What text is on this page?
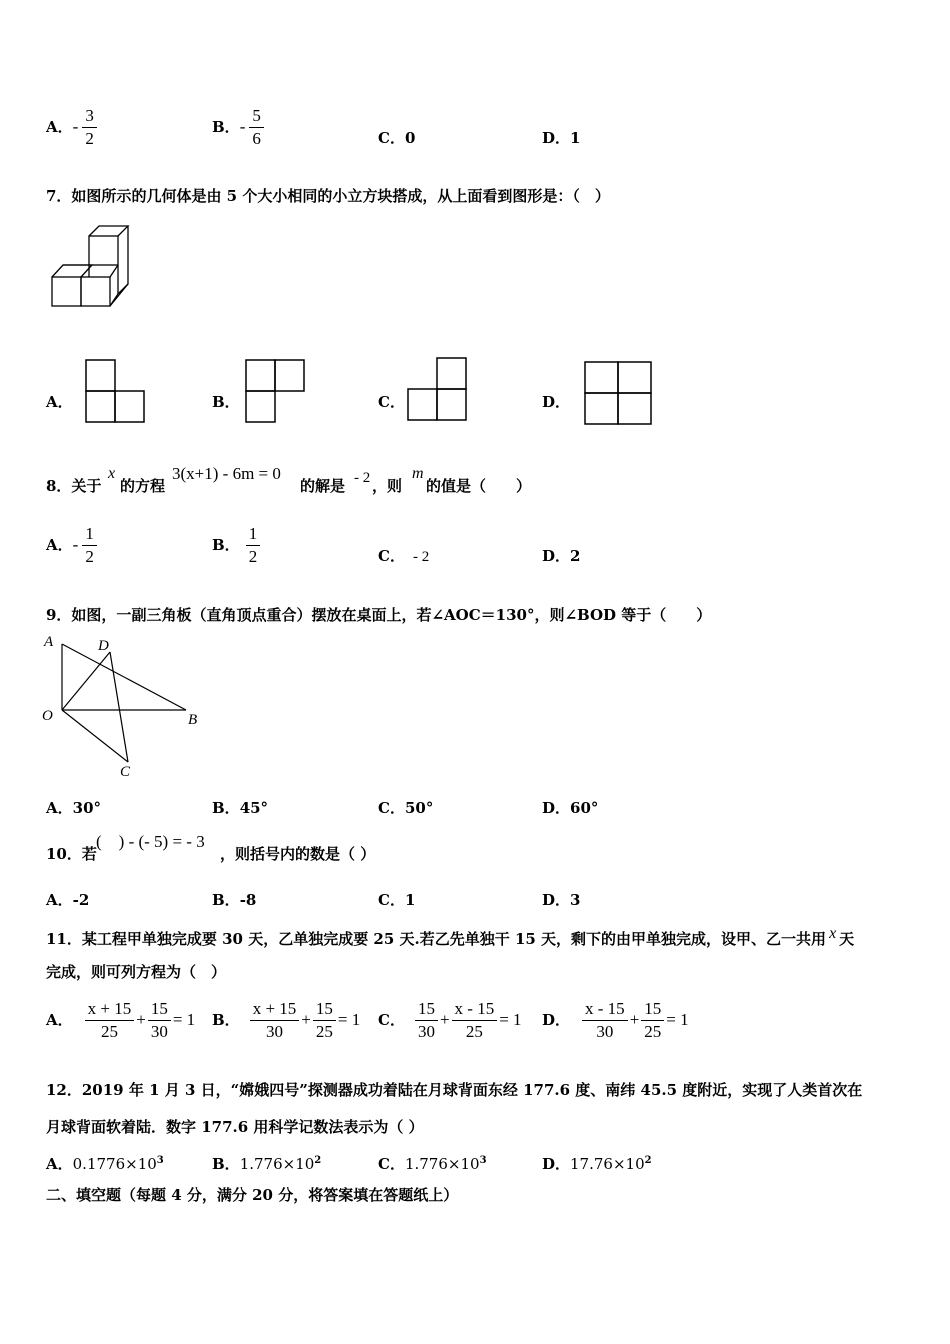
A． - $\frac{3}{2}$	B． - $\frac{5}{6}$	C．0	D．1
7．如图所示的几何体是由 5 个大小相同的小立方块搭成，从上面看到图形是：（　）
A．	B．	C．	D．
8．关于
x
的方程
3(x+1) - 6m = 0
的解是 - 2 ，则
m
的值是（　　）
A． - $\frac{1}{2}$	B． $\frac{1}{2}$	C． - 2	D．2
9．如图，一副三角板（直角顶点重合）摆放在桌面上，若∠AOC＝130°，则∠BOD 等于（　　）
A	D
O	B
C
A．30°	B．45°	C．50°	D．60°
10．若
(　) - (- 5) = - 3
，则括号内的数是（ ）
A．-2	B．-8	C．1	D．3
11．某工程甲单独完成要 30 天，乙单独完成要 25 天.若乙先单独干 15 天，剩下的由甲单独完成，设甲、乙一共用 x 天
完成，则可列方程为（　）
A． $\frac{x + 15}{25} + \frac{15}{30} = 1$ B． $\frac{x + 15}{30} + \frac{15}{25} = 1$ C． $\frac{15}{30} + \frac{x - 15}{25} = 1$ D． $\frac{x - 15}{30} + \frac{15}{25} = 1$
12．2019 年 1 月 3 日，“嫦娥四号”探测器成功着陆在月球背面东经 177.6 度、南纬 45.5 度附近，实现了人类首次在
月球背面软着陆．数字 177.6 用科学记数法表示为（ ）
A．$0.1776\times 10^3$	B．$1.776\times 10^2$	C．$1.776\times 10^3$	D．$17.76\times 10^2$
二、填空题（每题 4 分，满分 20 分，将答案填在答题纸上）
